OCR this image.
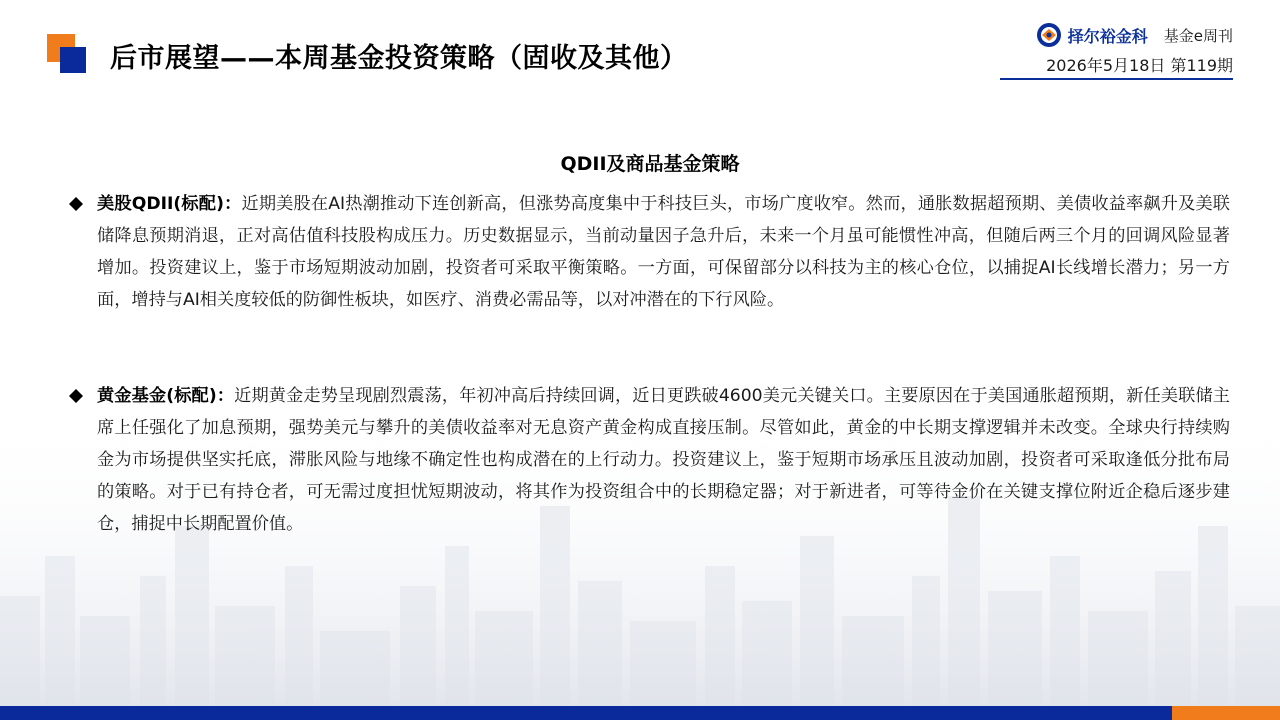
后市展望——本周基金投资策略（固收及其他）
择尔裕金科 基金e周刊
2026年5月18日 第119期
QDII及商品基金策略
美股QDII(标配)：近期美股在AI热潮推动下连创新高，但涨势高度集中于科技巨头，市场广度收窄。然而，通胀数据超预期、美债收益率飙升及美联储降息预期消退，正对高估值科技股构成压力。历史数据显示，当前动量因子急升后，未来一个月虽可能惯性冲高，但随后两三个月的回调风险显著增加。投资建议上，鉴于市场短期波动加剧，投资者可采取平衡策略。一方面，可保留部分以科技为主的核心仓位，以捕捉AI长线增长潜力；另一方面，增持与AI相关度较低的防御性板块，如医疗、消费必需品等，以对冲潜在的下行风险。
黄金基金(标配)：近期黄金走势呈现剧烈震荡，年初冲高后持续回调，近日更跌破4600美元关键关口。主要原因在于美国通胀超预期，新任美联储主席上任强化了加息预期，强势美元与攀升的美债收益率对无息资产黄金构成直接压制。尽管如此，黄金的中长期支撑逻辑并未改变。全球央行持续购金为市场提供坚实托底，滞胀风险与地缘不确定性也构成潜在的上行动力。投资建议上，鉴于短期市场承压且波动加剧，投资者可采取逢低分批布局的策略。对于已有持仓者，可无需过度担忧短期波动，将其作为投资组合中的长期稳定器；对于新进者，可等待金价在关键支撑位附近企稳后逐步建仓，捕捉中长期配置价值。
